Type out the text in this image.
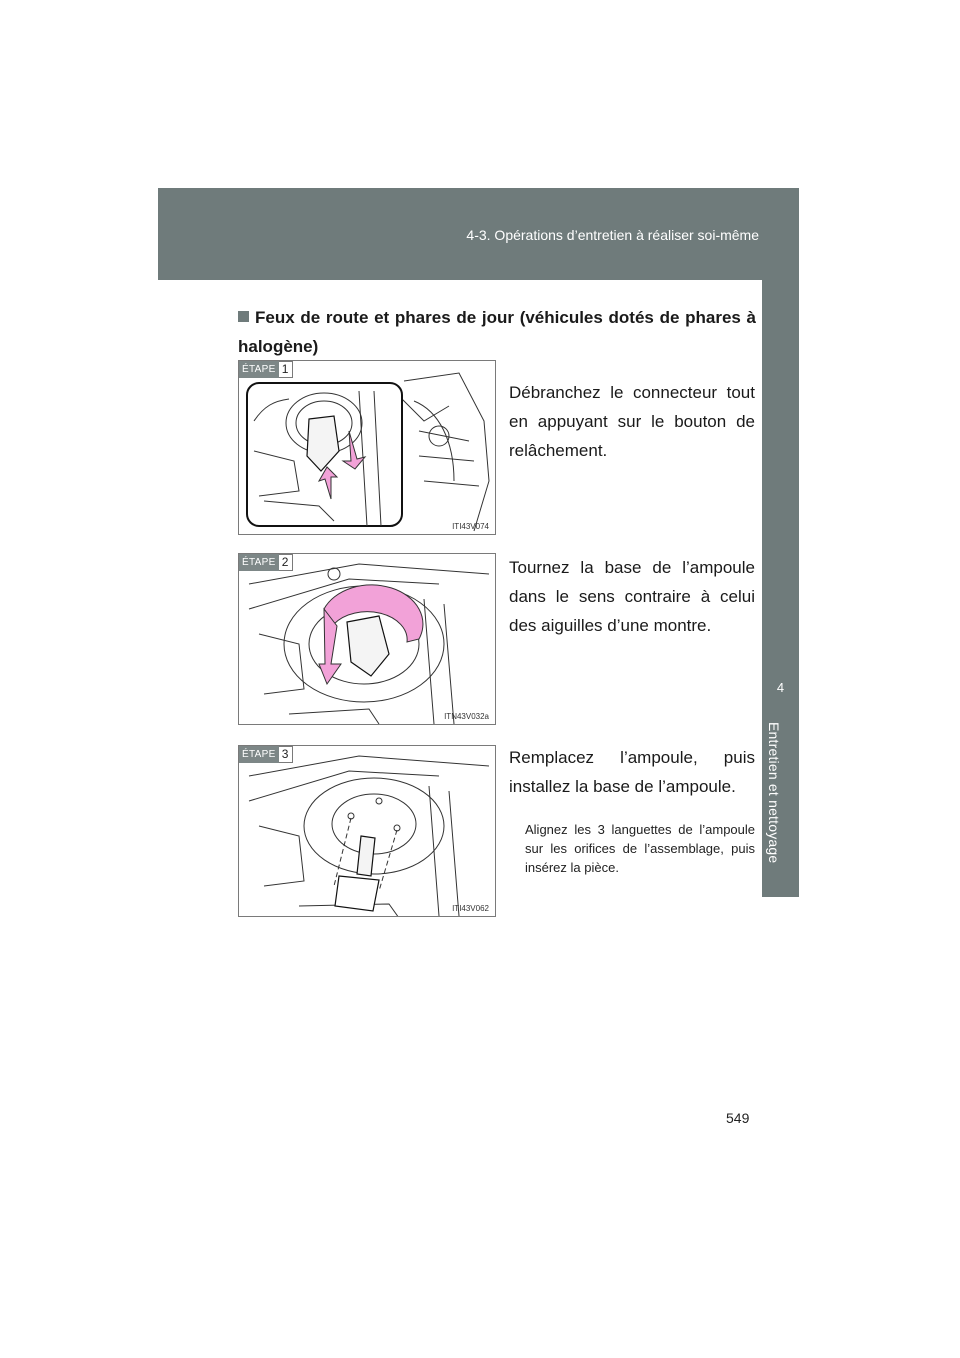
4-3. Opérations d’entretien à réaliser soi-même
4
Entretien et nettoyage
Feux de route et phares de jour (véhicules dotés de phares à halogène)
ÉTAPE 1
ITI43V074
Débranchez le connecteur tout en appuyant sur le bouton de relâchement.
ÉTAPE 2
ITN43V032a
Tournez la base de l’ampoule dans le sens contraire à celui des aiguilles d’une montre.
ÉTAPE 3
ITI43V062
Remplacez l’ampoule, puis installez la base de l’ampoule.
Alignez les 3 languettes de l’ampoule sur les orifices de l’assemblage, puis insérez la pièce.
549
